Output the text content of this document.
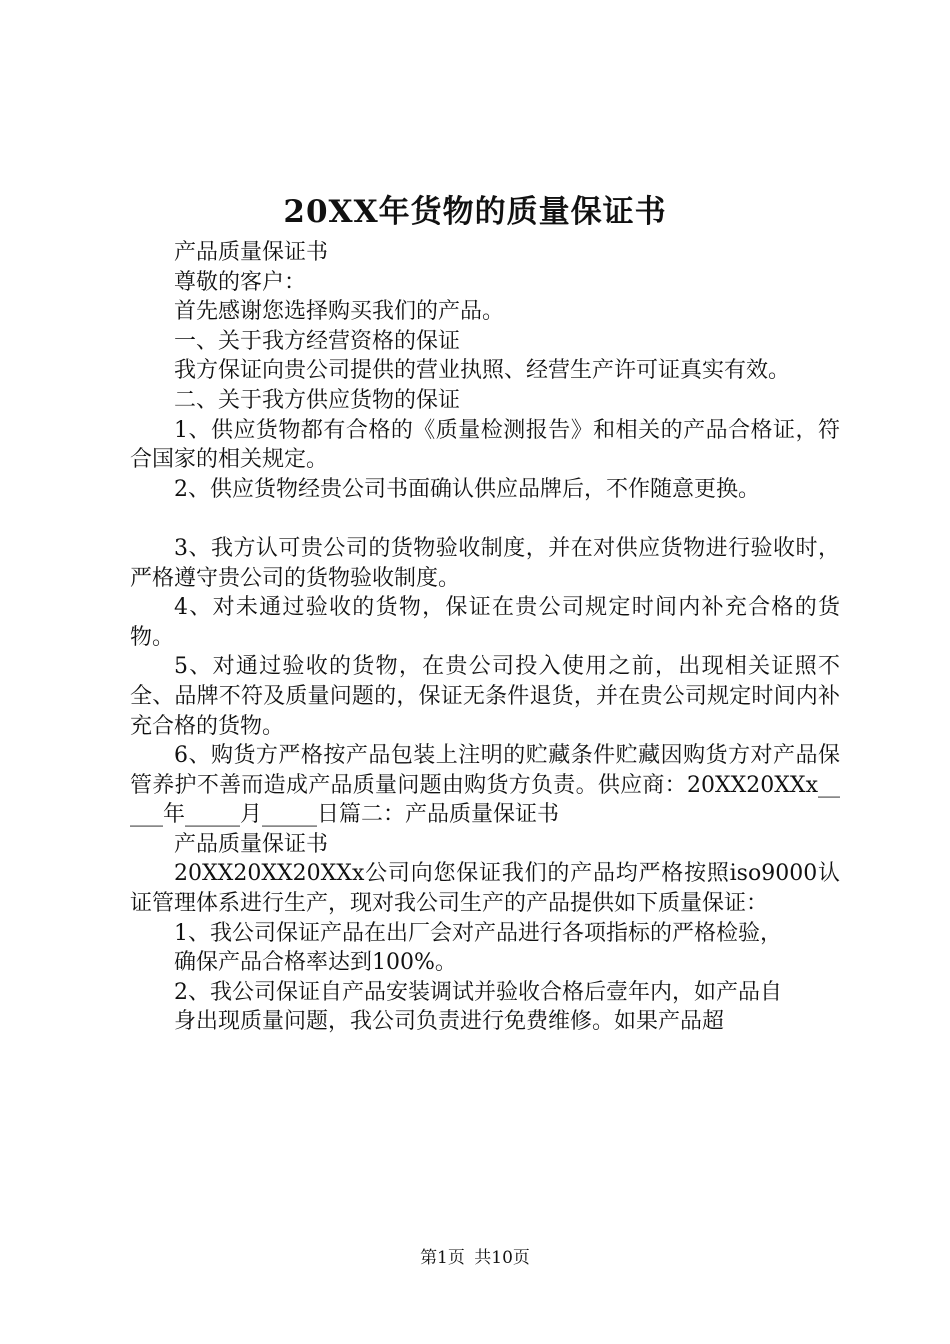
20XX年货物的质量保证书

产品质量保证书

尊敬的客户：

首先感谢您选择购买我们的产品。

一、关于我方经营资格的保证

我方保证向贵公司提供的营业执照、经营生产许可证真实有效。

二、关于我方供应货物的保证

1、供应货物都有合格的《质量检测报告》和相关的产品合格证，符合国家的相关规定。

2、供应货物经贵公司书面确认供应品牌后，不作随意更换。

3、我方认可贵公司的货物验收制度，并在对供应货物进行验收时，严格遵守贵公司的货物验收制度。

4、对未通过验收的货物，保证在贵公司规定时间内补充合格的货物。

5、对通过验收的货物，在贵公司投入使用之前，出现相关证照不全、品牌不符及质量问题的，保证无条件退货，并在贵公司规定时间内补充合格的货物。

6、购货方严格按产品包装上注明的贮藏条件贮藏因购货方对产品保管养护不善而造成产品质量问题由购货方负责。供应商：20XX20XXx_____年_____月_____日篇二：产品质量保证书

产品质量保证书

20XX20XX20XXx公司向您保证我们的产品均严格按照iso9000认证管理体系进行生产，现对我公司生产的产品提供如下质量保证：

1、我公司保证产品在出厂会对产品进行各项指标的严格检验，

确保产品合格率达到100%。

2、我公司保证自产品安装调试并验收合格后壹年内，如产品自

身出现质量问题，我公司负责进行免费维修。如果产品超

第1页 共10页
